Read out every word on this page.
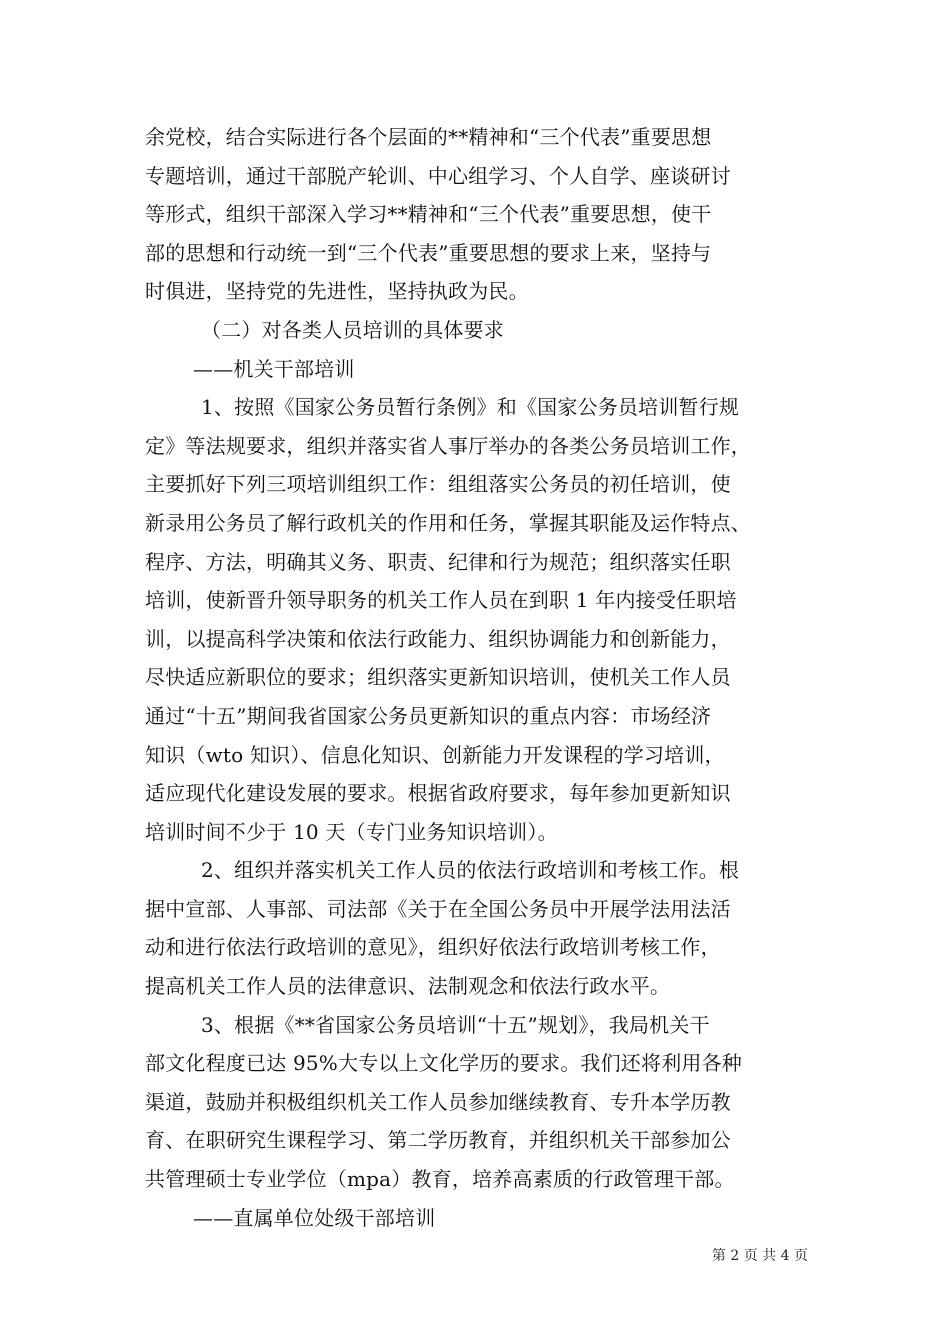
余党校，结合实际进行各个层面的**精神和“三个代表”重要思想
专题培训，通过干部脱产轮训、中心组学习、个人自学、座谈研讨
等形式，组织干部深入学习**精神和“三个代表”重要思想，使干
部的思想和行动统一到“三个代表”重要思想的要求上来，坚持与
时俱进，坚持党的先进性，坚持执政为民。
（二）对各类人员培训的具体要求
——机关干部培训
1、按照《国家公务员暂行条例》和《国家公务员培训暂行规
定》等法规要求，组织并落实省人事厅举办的各类公务员培训工作，
主要抓好下列三项培训组织工作：组组落实公务员的初任培训，使
新录用公务员了解行政机关的作用和任务，掌握其职能及运作特点、
程序、方法，明确其义务、职责、纪律和行为规范；组织落实任职
培训，使新晋升领导职务的机关工作人员在到职 1 年内接受任职培
训，以提高科学决策和依法行政能力、组织协调能力和创新能力，
尽快适应新职位的要求；组织落实更新知识培训，使机关工作人员
通过“十五”期间我省国家公务员更新知识的重点内容：市场经济
知识（wto 知识）、信息化知识、创新能力开发课程的学习培训，
适应现代化建设发展的要求。根据省政府要求，每年参加更新知识
培训时间不少于 10 天（专门业务知识培训）。
2、组织并落实机关工作人员的依法行政培训和考核工作。根
据中宣部、人事部、司法部《关于在全国公务员中开展学法用法活
动和进行依法行政培训的意见》，组织好依法行政培训考核工作，
提高机关工作人员的法律意识、法制观念和依法行政水平。
3、根据《**省国家公务员培训“十五”规划》，我局机关干
部文化程度已达 95%大专以上文化学历的要求。我们还将利用各种
渠道，鼓励并积极组织机关工作人员参加继续教育、专升本学历教
育、在职研究生课程学习、第二学历教育，并组织机关干部参加公
共管理硕士专业学位（mpa）教育，培养高素质的行政管理干部。
——直属单位处级干部培训
第 2 页 共 4 页
